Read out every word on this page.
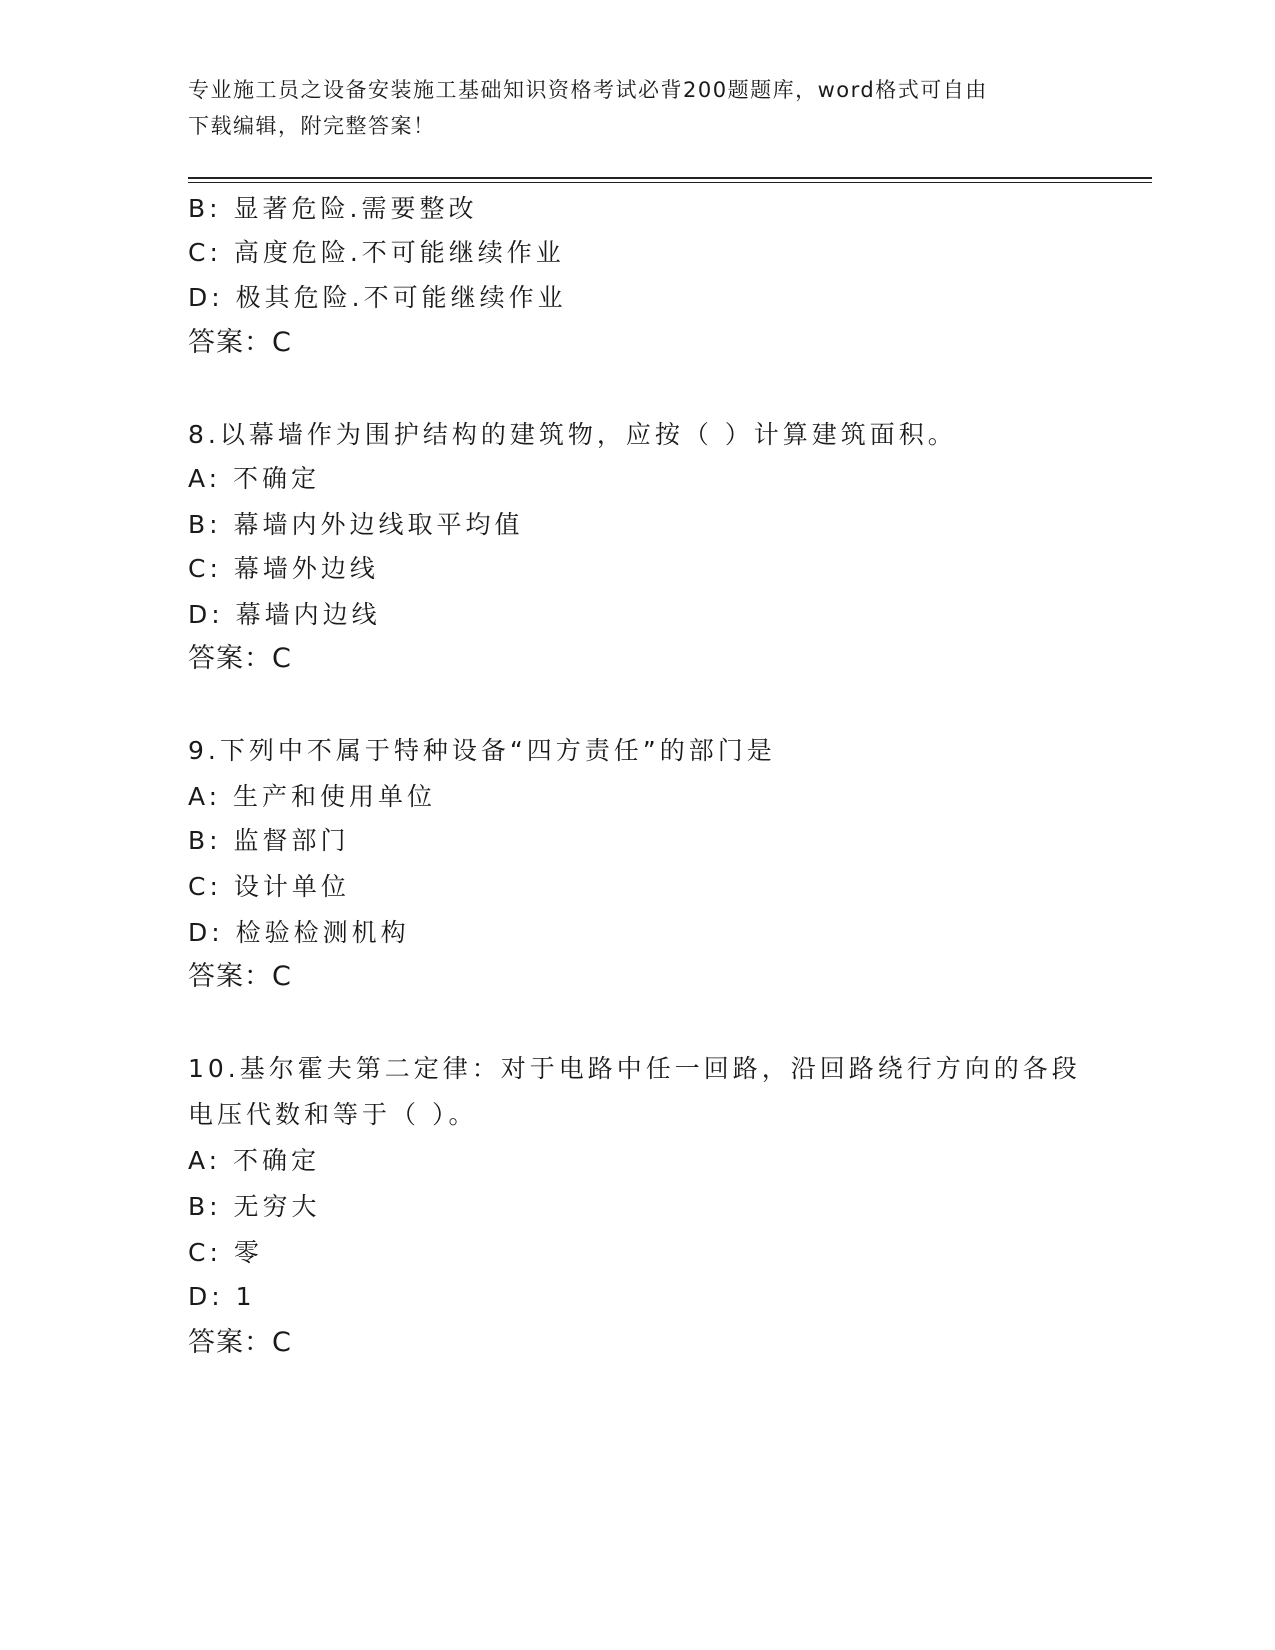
专业施工员之设备安装施工基础知识资格考试必背200题题库，word格式可自由
下载编辑，附完整答案！
B: 显著危险.需要整改
C: 高度危险.不可能继续作业
D: 极其危险.不可能继续作业
答案：C
8.以幕墙作为围护结构的建筑物，应按（ ）计算建筑面积。
A: 不确定
B: 幕墙内外边线取平均值
C: 幕墙外边线
D: 幕墙内边线
答案：C
9.下列中不属于特种设备“四方责任”的部门是
A: 生产和使用单位
B: 监督部门
C: 设计单位
D: 检验检测机构
答案：C
10.基尔霍夫第二定律：对于电路中任一回路，沿回路绕行方向的各段
电压代数和等于（ ）。
A: 不确定
B: 无穷大
C: 零
D: 1
答案：C
